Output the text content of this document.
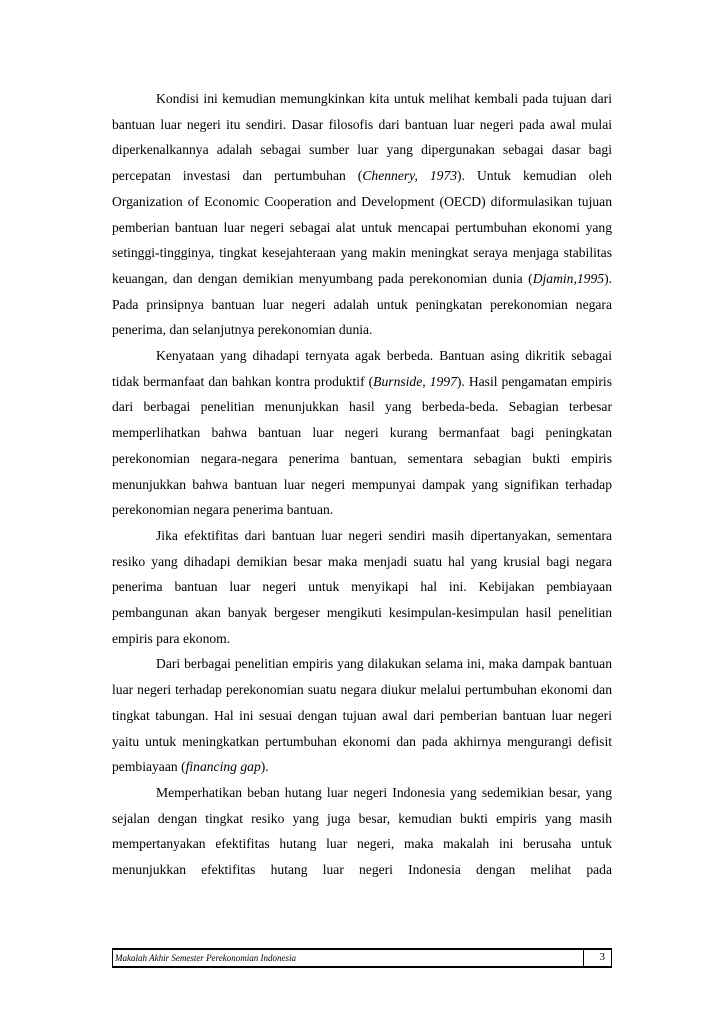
Kondisi ini kemudian memungkinkan kita untuk melihat kembali pada tujuan dari bantuan luar negeri itu sendiri. Dasar filosofis dari bantuan luar negeri pada awal mulai diperkenalkannya adalah sebagai sumber luar yang dipergunakan sebagai dasar bagi percepatan investasi dan pertumbuhan (Chennery, 1973). Untuk kemudian oleh Organization of Economic Cooperation and Development (OECD) diformulasikan tujuan pemberian bantuan luar negeri sebagai alat untuk mencapai pertumbuhan ekonomi yang setinggi-tingginya, tingkat kesejahteraan yang makin meningkat seraya menjaga stabilitas keuangan, dan dengan demikian menyumbang pada perekonomian dunia (Djamin,1995). Pada prinsipnya bantuan luar negeri adalah untuk peningkatan perekonomian negara penerima, dan selanjutnya perekonomian dunia.

Kenyataan yang dihadapi ternyata agak berbeda. Bantuan asing dikritik sebagai tidak bermanfaat dan bahkan kontra produktif (Burnside, 1997). Hasil pengamatan empiris dari berbagai penelitian menunjukkan hasil yang berbeda-beda. Sebagian terbesar memperlihatkan bahwa bantuan luar negeri kurang bermanfaat bagi peningkatan perekonomian negara-negara penerima bantuan, sementara sebagian bukti empiris menunjukkan bahwa bantuan luar negeri mempunyai dampak yang signifikan terhadap perekonomian negara penerima bantuan.

Jika efektifitas dari bantuan luar negeri sendiri masih dipertanyakan, sementara resiko yang dihadapi demikian besar maka menjadi suatu hal yang krusial bagi negara penerima bantuan luar negeri untuk menyikapi hal ini. Kebijakan pembiayaan pembangunan akan banyak bergeser mengikuti kesimpulan-kesimpulan hasil penelitian empiris para ekonom.

Dari berbagai penelitian empiris yang dilakukan selama ini, maka dampak bantuan luar negeri terhadap perekonomian suatu negara diukur melalui pertumbuhan ekonomi dan tingkat tabungan. Hal ini sesuai dengan tujuan awal dari pemberian bantuan luar negeri yaitu untuk meningkatkan pertumbuhan ekonomi dan pada akhirnya mengurangi defisit pembiayaan (financing gap).

Memperhatikan beban hutang luar negeri Indonesia yang sedemikian besar, yang sejalan dengan tingkat resiko yang juga besar, kemudian bukti empiris yang masih mempertanyakan efektifitas hutang luar negeri, maka makalah ini berusaha untuk menunjukkan efektifitas hutang luar negeri Indonesia dengan melihat pada

Makalah Akhir Semester Perekonomian Indonesia	3
